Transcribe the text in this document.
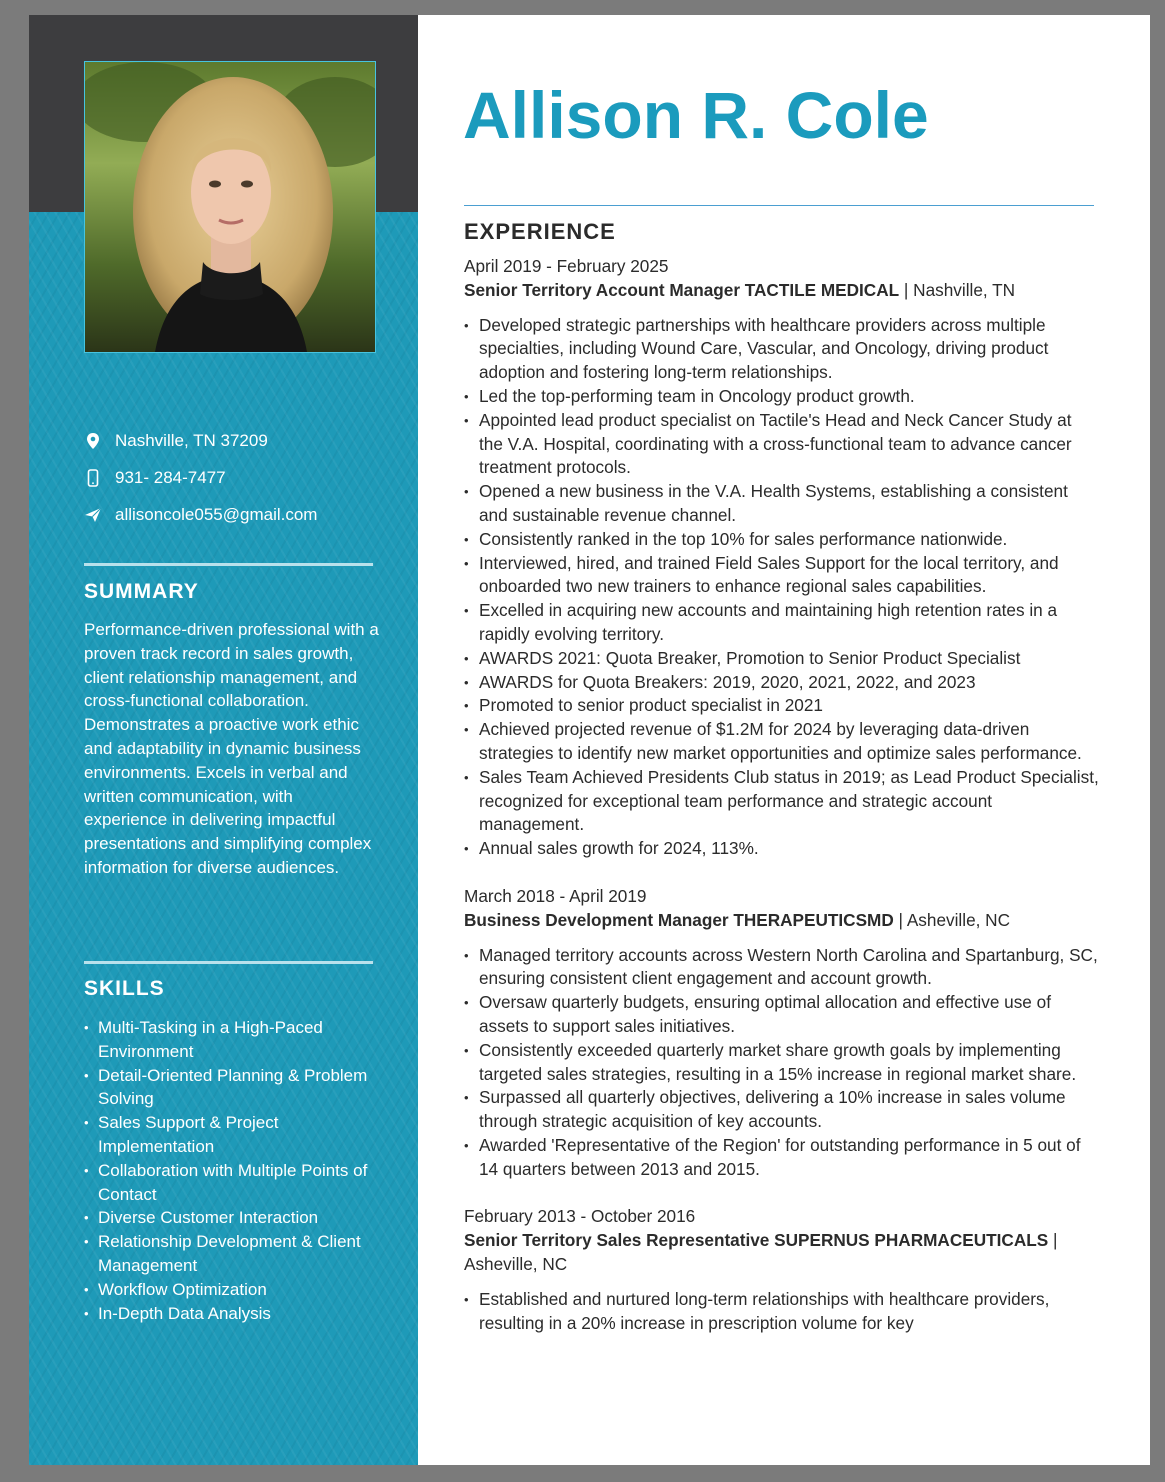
Nashville, TN 37209
931- 284-7477
allisoncole055@gmail.com
SUMMARY
Performance-driven professional with a proven track record in sales growth, client relationship management, and cross-functional collaboration. Demonstrates a proactive work ethic and adaptability in dynamic business environments. Excels in verbal and written communication, with experience in delivering impactful presentations and simplifying complex information for diverse audiences.
SKILLS
• Multi-Tasking in a High-Paced Environment
• Detail-Oriented Planning & Problem Solving
• Sales Support & Project Implementation
• Collaboration with Multiple Points of Contact
• Diverse Customer Interaction
• Relationship Development & Client Management
• Workflow Optimization
• In-Depth Data Analysis
Allison R. Cole
EXPERIENCE
April 2019 - February 2025
Senior Territory Account Manager TACTILE MEDICAL | Nashville, TN
• Developed strategic partnerships with healthcare providers across multiple specialties, including Wound Care, Vascular, and Oncology, driving product adoption and fostering long-term relationships.
• Led the top-performing team in Oncology product growth.
• Appointed lead product specialist on Tactile's Head and Neck Cancer Study at the V.A. Hospital, coordinating with a cross-functional team to advance cancer treatment protocols.
• Opened a new business in the V.A. Health Systems, establishing a consistent and sustainable revenue channel.
• Consistently ranked in the top 10% for sales performance nationwide.
• Interviewed, hired, and trained Field Sales Support for the local territory, and onboarded two new trainers to enhance regional sales capabilities.
• Excelled in acquiring new accounts and maintaining high retention rates in a rapidly evolving territory.
• AWARDS 2021: Quota Breaker, Promotion to Senior Product Specialist
• AWARDS for Quota Breakers: 2019, 2020, 2021, 2022, and 2023
• Promoted to senior product specialist in 2021
• Achieved projected revenue of $1.2M for 2024 by leveraging data-driven strategies to identify new market opportunities and optimize sales performance.
• Sales Team Achieved Presidents Club status in 2019; as Lead Product Specialist, recognized for exceptional team performance and strategic account management.
• Annual sales growth for 2024, 113%.
March 2018 - April 2019
Business Development Manager THERAPEUTICSMD | Asheville, NC
• Managed territory accounts across Western North Carolina and Spartanburg, SC, ensuring consistent client engagement and account growth.
• Oversaw quarterly budgets, ensuring optimal allocation and effective use of assets to support sales initiatives.
• Consistently exceeded quarterly market share growth goals by implementing targeted sales strategies, resulting in a 15% increase in regional market share.
• Surpassed all quarterly objectives, delivering a 10% increase in sales volume through strategic acquisition of key accounts.
• Awarded 'Representative of the Region' for outstanding performance in 5 out of 14 quarters between 2013 and 2015.
February 2013 - October 2016
Senior Territory Sales Representative SUPERNUS PHARMACEUTICALS | Asheville, NC
• Established and nurtured long-term relationships with healthcare providers, resulting in a 20% increase in prescription volume for key
